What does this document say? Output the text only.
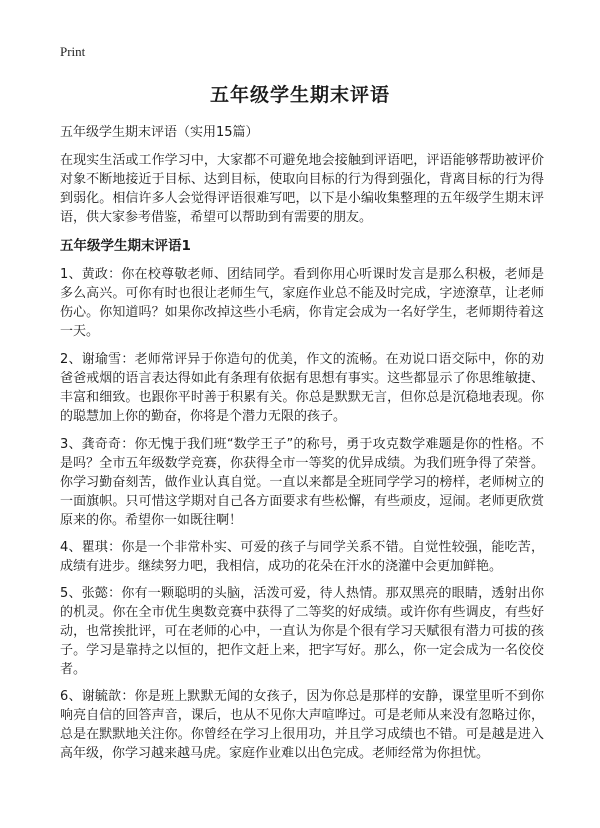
Print
五年级学生期末评语
五年级学生期末评语（实用15篇）
在现实生活或工作学习中，大家都不可避免地会接触到评语吧，评语能够帮助被评价对象不断地接近于目标、达到目标，使取向目标的行为得到强化，背离目标的行为得到弱化。相信许多人会觉得评语很难写吧，以下是小编收集整理的五年级学生期末评语，供大家参考借鉴，希望可以帮助到有需要的朋友。
五年级学生期末评语1
1、黄政：你在校尊敬老师、团结同学。看到你用心听课时发言是那么积极，老师是多么高兴。可你有时也很让老师生气，家庭作业总不能及时完成，字迹潦草，让老师伤心。你知道吗？如果你改掉这些小毛病，你肯定会成为一名好学生，老师期待着这一天。
2、谢瑜雪：老师常评异于你造句的优美，作文的流畅。在劝说口语交际中，你的劝爸爸戒烟的语言表达得如此有条理有依据有思想有事实。这些都显示了你思维敏捷、丰富和细致。也跟你平时善于积累有关。你总是默默无言，但你总是沉稳地表现。你的聪慧加上你的勤奋，你将是个潜力无限的孩子。
3、龚奇奇：你无愧于我们班“数学王子”的称号，勇于攻克数学难题是你的性格。不是吗？全市五年级数学竞赛，你获得全市一等奖的优异成绩。为我们班争得了荣誉。你学习勤奋刻苦，做作业认真自觉。一直以来都是全班同学学习的榜样，老师树立的一面旗帜。只可惜这学期对自己各方面要求有些松懈，有些顽皮，逗闹。老师更欣赏原来的你。希望你一如既往啊！
4、瞿琪：你是一个非常朴实、可爱的孩子与同学关系不错。自觉性较强，能吃苦，成绩有进步。继续努力吧，我相信，成功的花朵在汗水的浇灌中会更加鲜艳。
5、张懿：你有一颗聪明的头脑，活泼可爱，待人热情。那双黑亮的眼睛，透射出你的机灵。你在全市优生奥数竞赛中获得了二等奖的好成绩。或许你有些调皮，有些好动，也常挨批评，可在老师的心中，一直认为你是个很有学习天赋很有潜力可拔的孩子。学习是靠持之以恒的，把作文赶上来，把字写好。那么，你一定会成为一名佼佼者。
6、谢毓歆：你是班上默默无闻的女孩子，因为你总是那样的安静，课堂里听不到你响亮自信的回答声音，课后，也从不见你大声喧哗过。可是老师从来没有忽略过你，总是在默默地关注你。你曾经在学习上很用功，并且学习成绩也不错。可是越是进入高年级，你学习越来越马虎。家庭作业难以出色完成。老师经常为你担忧。
